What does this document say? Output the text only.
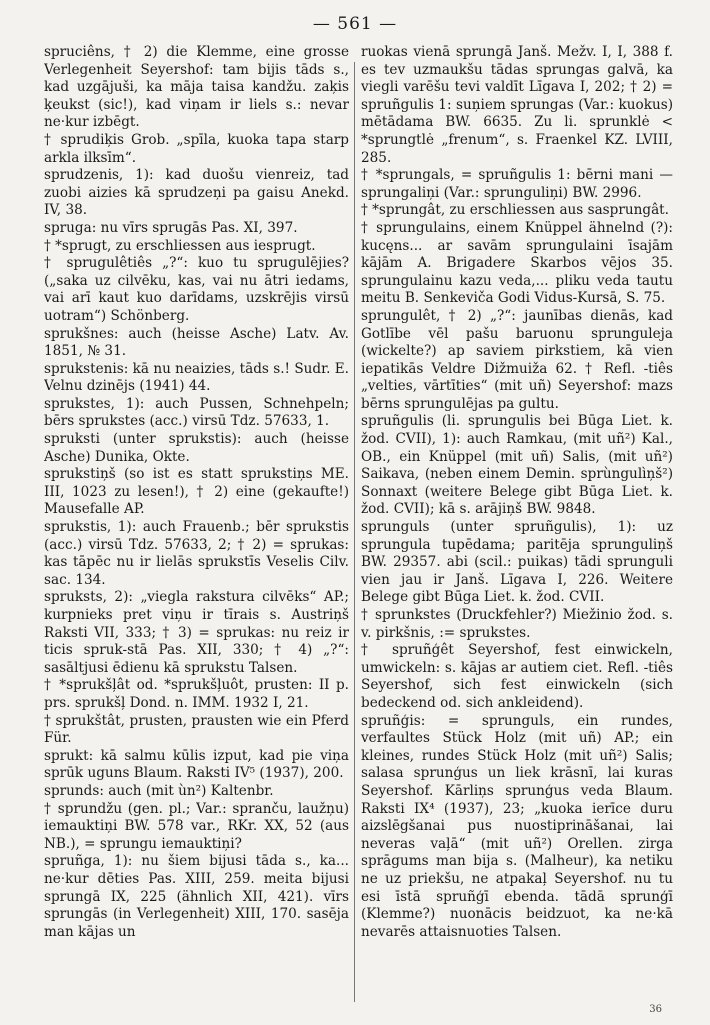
— 561 —
spruciêns, † 2) die Klemme, eine grosse Verlegenheit Seyershof: tam bijis tāds s., kad uzgājuši, ka māja taisa kandžu. zaķis ķeukst (sic!), kad viņam ir liels s.: nevar ne·kur izbēgt.
† sprudiķis Grob. „spīla, kuoka tapa starp arkla ilksīm“.
sprudzenis, 1): kad duošu vienreiz, tad zuobi aizies kā sprudzeņi pa gaisu Anekd. IV, 38.
spruga: nu vīrs sprugās Pas. XI, 397.
† *sprugt, zu erschliessen aus iesprugt.
† sprugulêtiês „?“: kuo tu sprugulējies? („saka uz cilvēku, kas, vai nu ātri iedams, vai arī kaut kuo darīdams, uzskrējis virsū uotram“) Schönberg.
sprukšnes: auch (heisse Asche) Latv. Av. 1851, № 31.
sprukstenis: kā nu neaizies, tāds s.! Sudr. E. Velnu dzinējs (1941) 44.
sprukstes, 1): auch Pussen, Schnehpeln; bērs sprukstes (acc.) virsū Tdz. 57633, 1.
spruksti (unter sprukstis): auch (heisse Asche) Dunika, Okte.
sprukstiņš (so ist es statt sprukstiņs ME. III, 1023 zu lesen!), † 2) eine (gekaufte!) Mausefalle AP.
sprukstis, 1): auch Frauenb.; bēr sprukstis (acc.) virsū Tdz. 57633, 2; † 2) = sprukas: kas tāpēc nu ir lielās sprukstīs Veselis Cilv. sac. 134.
spruksts, 2): „viegla rakstura cilvēks“ AP.; kurpnieks pret viņu ir tīrais s. Austriņš Raksti VII, 333; † 3) = sprukas: nu reiz ir ticis spruk-stā Pas. XII, 330; † 4) „?“: sasāltjusi ēdienu kā sprukstu Talsen.
† *sprukšļât od. *sprukšļuôt, prusten: II p. prs. sprukšļ Dond. n. IMM. 1932 I, 21.
† sprukštât, prusten, prausten wie ein Pferd Für.
sprukt: kā salmu kūlis izput, kad pie viņa sprūk uguns Blaum. Raksti IV⁵ (1937), 200.
sprunds: auch (mit ùn²) Kaltenbr.
† sprundžu (gen. pl.; Var.: spranču, laužņu) iemauktiņi BW. 578 var., RKr. XX, 52 (aus NB.), = sprungu iemauktiņi?
spruñga, 1): nu šiem bijusi tāda s., ka... ne·kur dēties Pas. XIII, 259. meita bijusi sprungā IX, 225 (ähnlich XII, 421). vīrs sprungās (in Verlegenheit) XIII, 170. sasēja man kājas un
ruokas vienā sprungā Janš. Mežv. I, I, 388 f. es tev uzmaukšu tādas sprungas galvā, ka viegli varēšu tevi valdīt Līgava I, 202; † 2) = spruñgulis 1: suņiem sprungas (Var.: kuokus) mētādama BW. 6635. Zu li. sprunklė < *sprungtlė „frenum“, s. Fraenkel KZ. LVIII, 285.
† *sprungals, = spruñgulis 1: bērni mani — sprungaliņi (Var.: sprunguliņi) BW. 2996.
† *sprungât, zu erschliessen aus sasprungât.
† sprungulains, einem Knüppel ähnelnd (?): kucęns... ar savām sprungulaini īsajām kājām A. Brigadere Skarbos vējos 35. sprungulainu kazu veda,... pliku veda tautu meitu B. Senkeviča Godi Vidus-Kursā, S. 75.
sprungulêt, † 2) „?“: jaunības dienās, kad Gotlībe vēl pašu baruonu sprunguleja (wickelte?) ap saviem pirkstiem, kā vien iepatikās Veldre Dižmuiža 62. † Refl. -tiês „velties, vārtīties“ (mit uñ) Seyershof: mazs bērns sprungulējas pa gultu.
spruñgulis (li. sprungulis bei Būga Liet. k. žod. CVII), 1): auch Ramkau, (mit uñ²) Kal., OB., ein Knüppel (mit uñ) Salis, (mit uñ²) Saikava, (neben einem Demin. sprùngulìņš²) Sonnaxt (weitere Belege gibt Būga Liet. k. žod. CVII); kā s. arājiņš BW. 9848.
sprunguls (unter spruñgulis), 1): uz sprungula tupēdama; paritēja sprunguliņš BW. 29357. abi (scil.: puikas) tādi sprunguli vien jau ir Janš. Līgava I, 226. Weitere Belege gibt Būga Liet. k. žod. CVII.
† sprunkstes (Druckfehler?) Miežinio žod. s. v. pirkšnis, := sprukstes.
† spruñģêt Seyershof, fest einwickeln, umwickeln: s. kājas ar autiem ciet. Refl. -tiês Seyershof, sich fest einwickeln (sich bedeckend od. sich ankleidend).
spruñģis: = sprunguls, ein rundes, verfaultes Stück Holz (mit uñ) AP.; ein kleines, rundes Stück Holz (mit uñ²) Salis; salasa sprunģus un liek krāsnī, lai kuras Seyershof. Kārliņs sprunģus veda Blaum. Raksti IX⁴ (1937), 23; „kuoka ierīce duru aizslēgšanai pus nuostiprināšanai, lai neveras vaļā“ (mit uñ²) Orellen. zirga sprāgums man bija s. (Malheur), ka netiku ne uz priekšu, ne atpakaļ Seyershof. nu tu esi īstā spruñģī ebenda. tādā sprunģī (Klemme?) nuonācis beidzuot, ka ne·kā nevarēs attaisnuoties Talsen.
36
